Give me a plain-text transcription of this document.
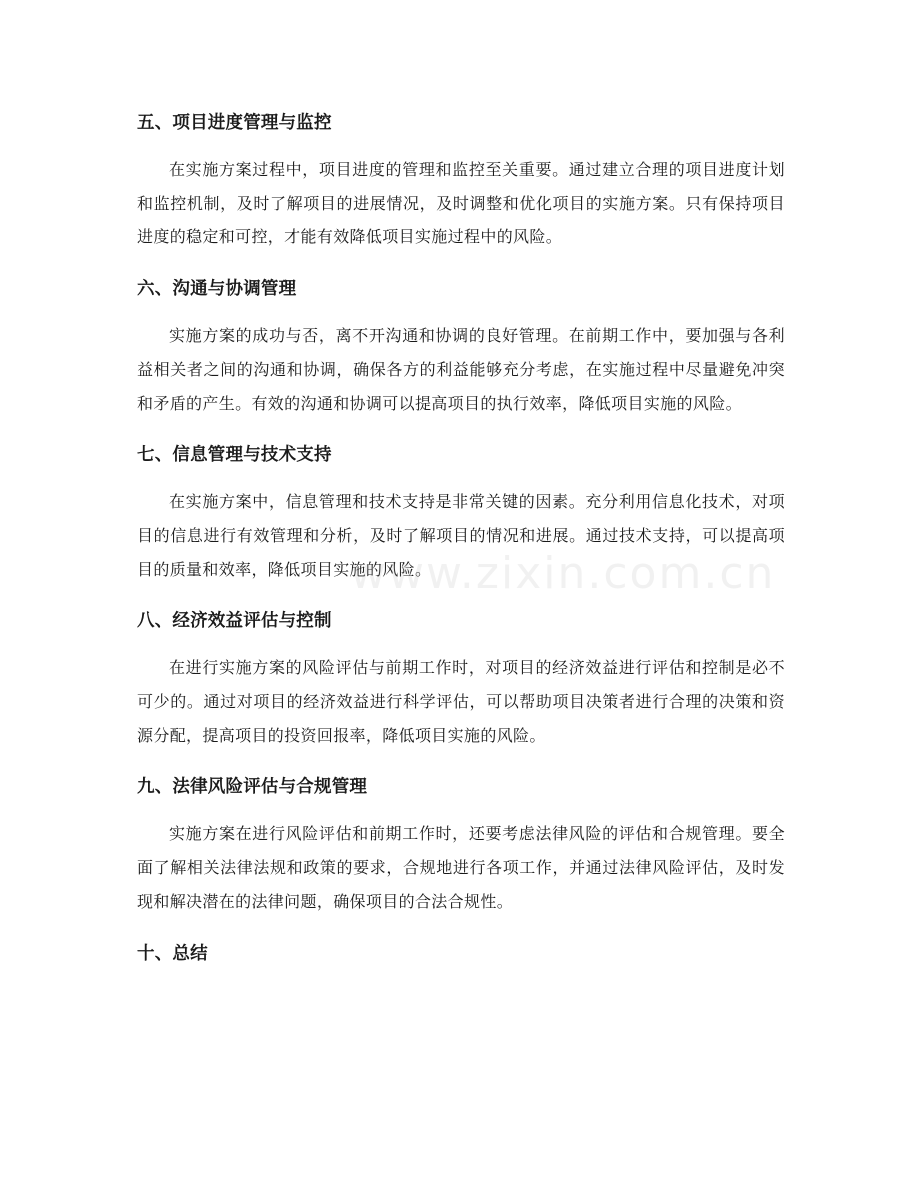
五、项目进度管理与监控

在实施方案过程中，项目进度的管理和监控至关重要。通过建立合理的项目进度计划和监控机制，及时了解项目的进展情况，及时调整和优化项目的实施方案。只有保持项目进度的稳定和可控，才能有效降低项目实施过程中的风险。

六、沟通与协调管理

实施方案的成功与否，离不开沟通和协调的良好管理。在前期工作中，要加强与各利益相关者之间的沟通和协调，确保各方的利益能够充分考虑，在实施过程中尽量避免冲突和矛盾的产生。有效的沟通和协调可以提高项目的执行效率，降低项目实施的风险。

七、信息管理与技术支持

在实施方案中，信息管理和技术支持是非常关键的因素。充分利用信息化技术，对项目的信息进行有效管理和分析，及时了解项目的情况和进展。通过技术支持，可以提高项目的质量和效率，降低项目实施的风险。

八、经济效益评估与控制

在进行实施方案的风险评估与前期工作时，对项目的经济效益进行评估和控制是必不可少的。通过对项目的经济效益进行科学评估，可以帮助项目决策者进行合理的决策和资源分配，提高项目的投资回报率，降低项目实施的风险。

九、法律风险评估与合规管理

实施方案在进行风险评估和前期工作时，还要考虑法律风险的评估和合规管理。要全面了解相关法律法规和政策的要求，合规地进行各项工作，并通过法律风险评估，及时发现和解决潜在的法律问题，确保项目的合法合规性。

十、总结
www.zixin.com.cn
